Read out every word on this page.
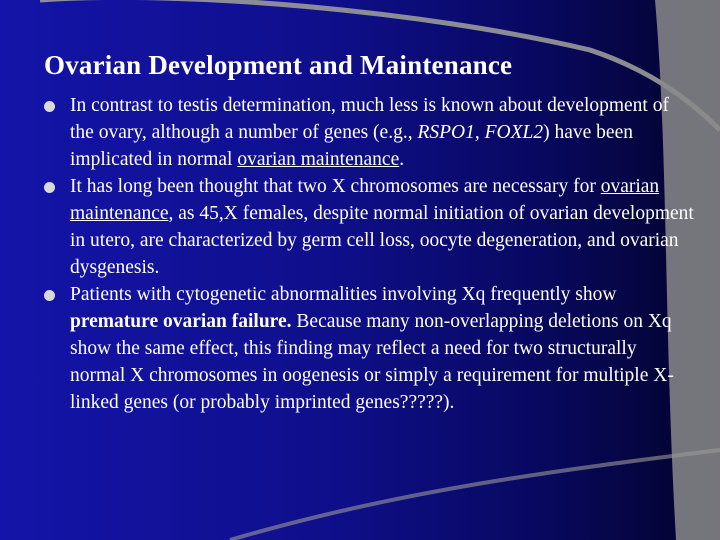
Ovarian Development and Maintenance
In contrast to testis determination, much less is known about development of the ovary, although a number of genes (e.g., RSPO1, FOXL2) have been implicated in normal ovarian maintenance.
It has long been thought that two X chromosomes are necessary for ovarian maintenance, as 45,X females, despite normal initiation of ovarian development in utero, are characterized by germ cell loss, oocyte degeneration, and ovarian dysgenesis.
Patients with cytogenetic abnormalities involving Xq frequently show premature ovarian failure. Because many non-overlapping deletions on Xq show the same effect, this finding may reflect a need for two structurally normal X chromosomes in oogenesis or simply a requirement for multiple X-linked genes (or probably imprinted genes?????).
